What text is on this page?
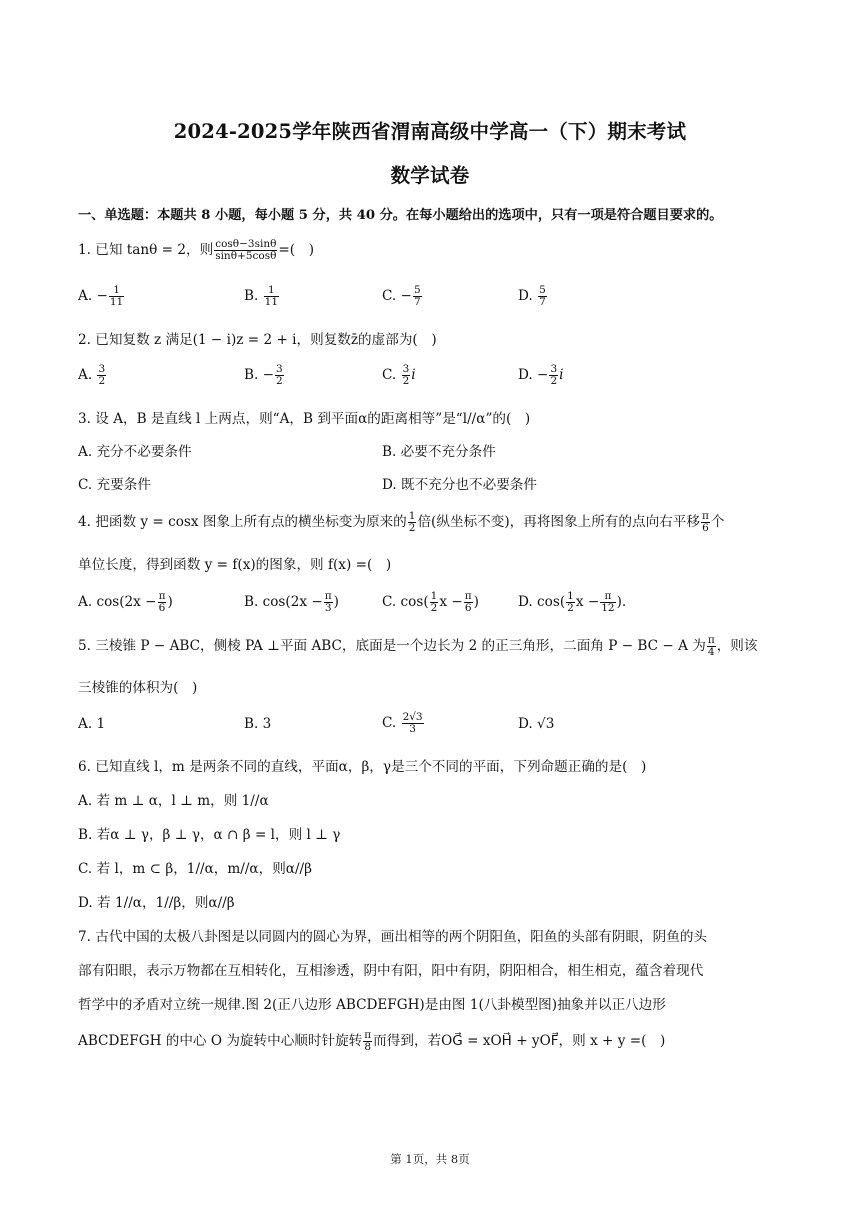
2024-2025学年陕西省渭南高级中学高一（下）期末考试
数学试卷
一、单选题：本题共 8 小题，每小题 5 分，共 40 分。在每小题给出的选项中，只有一项是符合题目要求的。
1. 已知 tanθ = 2，则 $\frac{\cos\theta-3\sin\theta}{\sin\theta+5\cos\theta}$ =(　)
A. − $\frac{1}{11}$	B. $\frac{1}{11}$	C. − $\frac{5}{7}$	D. $\frac{5}{7}$
2. 已知复数 z 满足(1 − i)z = 2 + i，则复数z̄的虚部为(　)
A. $\frac{3}{2}$	B. − $\frac{3}{2}$	C. $\frac{3}{2}$ i	D. − $\frac{3}{2}$ i
3. 设 A，B 是直线 l 上两点，则“A，B 到平面α的距离相等”是“l//α”的(　)
A. 充分不必要条件	B. 必要不充分条件
C. 充要条件	D. 既不充分也不必要条件
4. 把函数 y = cosx 图象上所有点的横坐标变为原来的 $\frac{1}{2}$ 倍(纵坐标不变)，再将图象上所有的点向右平移 $\frac{\pi}{6}$ 个
单位长度，得到函数 y = f(x)的图象，则 f(x) =(　)
A. $\cos(2x - \frac{\pi}{6}$ )	B. $\cos(2x - \frac{\pi}{3}$ )	C. $\cos( \frac{1}{2}$ $x - \frac{\pi}{6}$ )	D. $\cos( \frac{1}{2}$ $x - \frac{\pi}{12}$ ).
5. 三棱锥 P − ABC，侧棱 PA ⊥平面 ABC，底面是一个边长为 2 的正三角形，二面角 P − BC − A 为 $\frac{\pi}{4}$ ，则该
三棱锥的体积为(　)
A. 1	B. 3	C. $\frac{2√3}{3}$	D. √3
6. 已知直线 l，m 是两条不同的直线，平面α，β，γ是三个不同的平面，下列命题正确的是(　)
A. 若 m ⊥ α，l ⊥ m，则 1//α
B. 若α ⊥ γ，β ⊥ γ，α ∩ β = l，则 l ⊥ γ
C. 若 l，m ⊂ β，1//α，m//α，则α//β
D. 若 1//α，1//β，则α//β
7. 古代中国的太极八卦图是以同圆内的圆心为界，画出相等的两个阴阳鱼，阳鱼的头部有阴眼，阴鱼的头
部有阳眼，表示万物都在互相转化，互相渗透，阴中有阳，阳中有阴，阴阳相合，相生相克，蕴含着现代
哲学中的矛盾对立统一规律.图 2(正八边形 ABCDEFGH)是由图 1(八卦模型图)抽象并以正八边形
ABCDEFGH 的中心 O 为旋转中心顺时针旋转 $\frac{\pi}{8}$ 而得到，若OG⃗ = xOH⃗ + yOF⃗，则 x + y =(　)
第 1页，共 8页
